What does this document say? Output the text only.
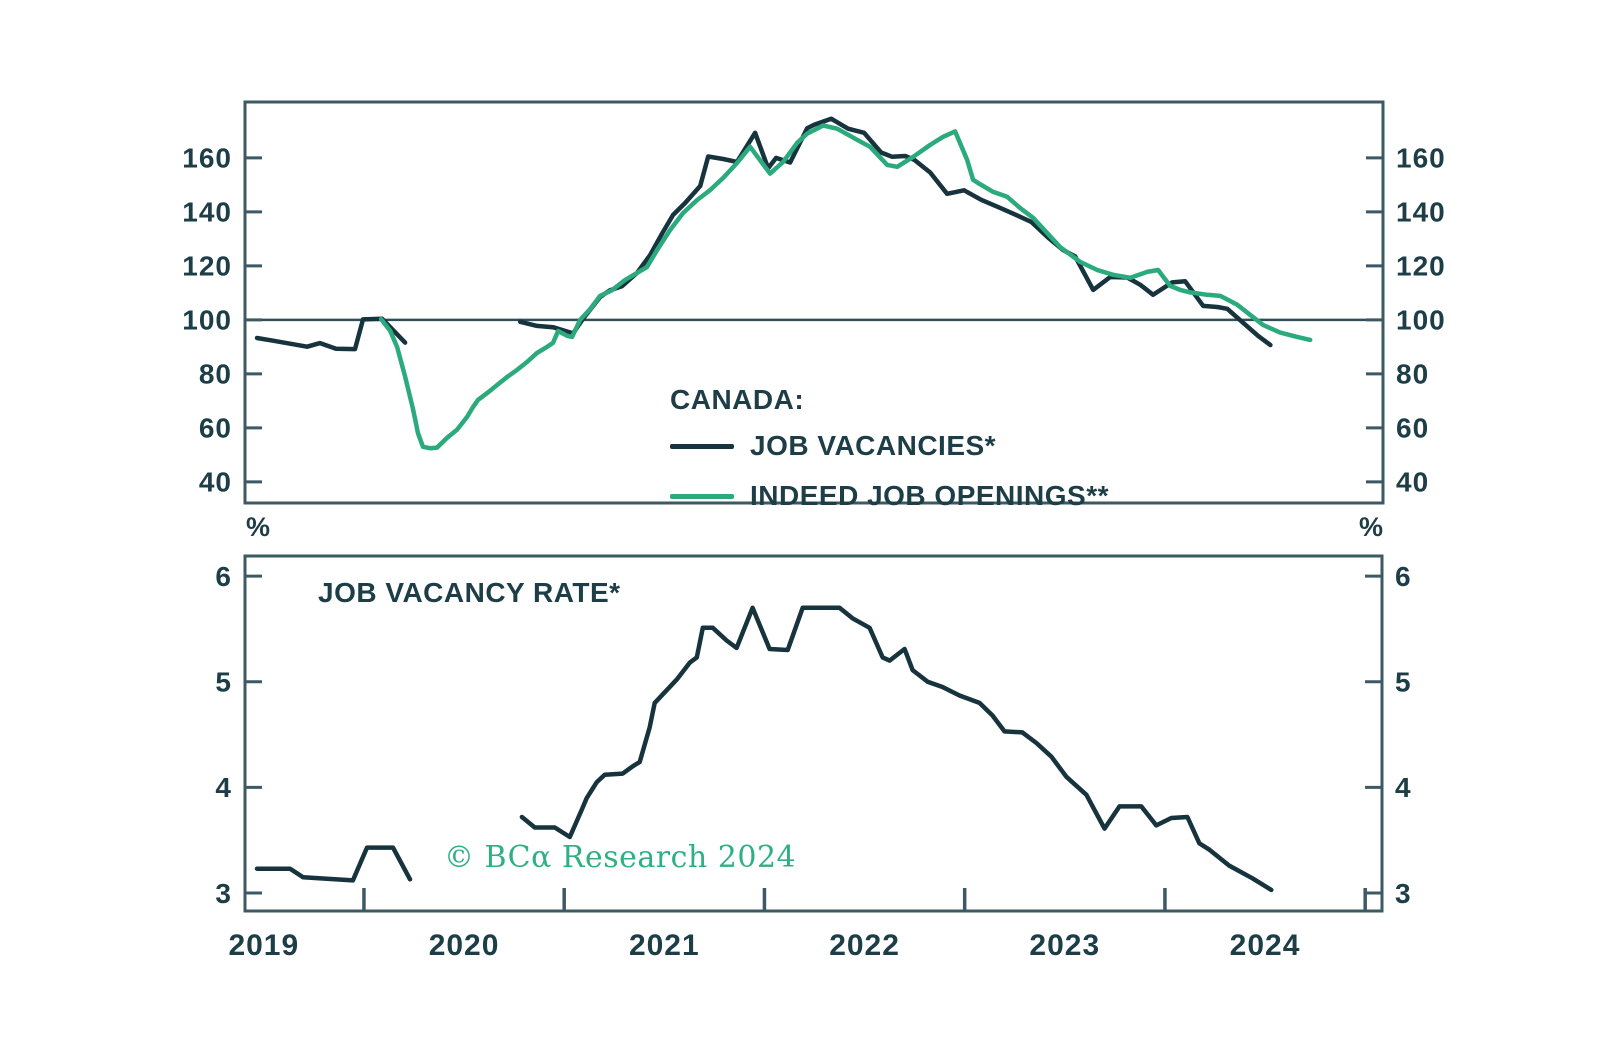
40	40
60	60
80	80
100	100
120	120
140	140
160	160
3	3
4	4
5	5
6	6
2019	2020	2021	2022	2023	2024
CANADA:
JOB VACANCIES*
INDEED JOB OPENINGS**
JOB VACANCY RATE*
%	%
© BCα Research 2024
